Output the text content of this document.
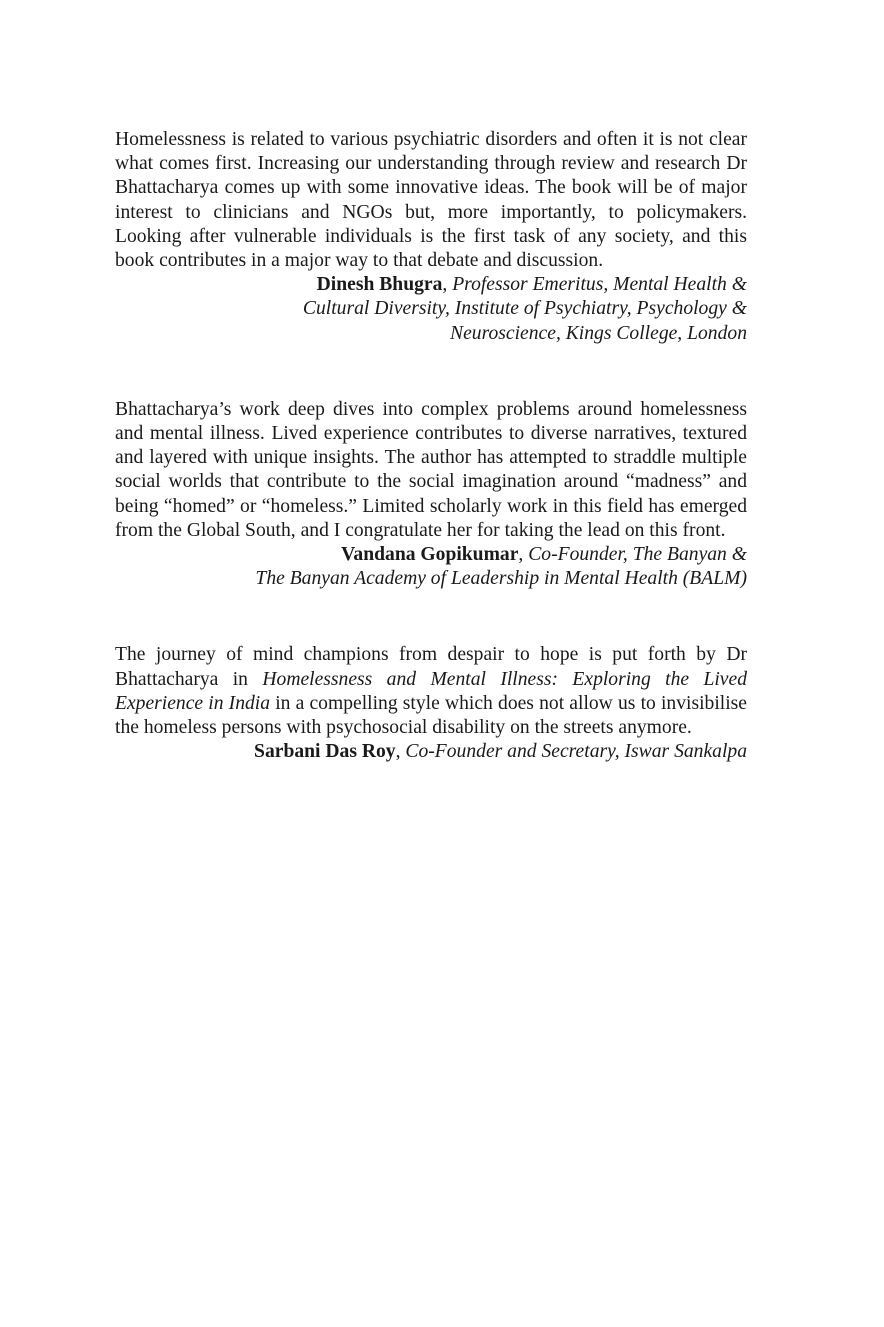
Homelessness is related to various psychiatric disorders and often it is not clear what comes first. Increasing our understanding through review and research Dr Bhattacharya comes up with some innovative ideas. The book will be of major interest to clinicians and NGOs but, more importantly, to policymakers. Looking after vulnerable individuals is the first task of any society, and this book contributes in a major way to that debate and discussion.

Dinesh Bhugra, Professor Emeritus, Mental Health &
Cultural Diversity, Institute of Psychiatry, Psychology &
Neuroscience, Kings College, London

Bhattacharya’s work deep dives into complex problems around homelessness and mental illness. Lived experience contributes to diverse narratives, textured and layered with unique insights. The author has attempted to straddle multiple social worlds that contribute to the social imagination around “madness” and being “homed” or “homeless.” Limited scholarly work in this field has emerged from the Global South, and I congratulate her for taking the lead on this front.

Vandana Gopikumar, Co-Founder, The Banyan &
The Banyan Academy of Leadership in Mental Health (BALM)

The journey of mind champions from despair to hope is put forth by Dr Bhattacharya in Homelessness and Mental Illness: Exploring the Lived Experience in India in a compelling style which does not allow us to invisibilise the homeless persons with psychosocial disability on the streets anymore.

Sarbani Das Roy, Co-Founder and Secretary, Iswar Sankalpa
